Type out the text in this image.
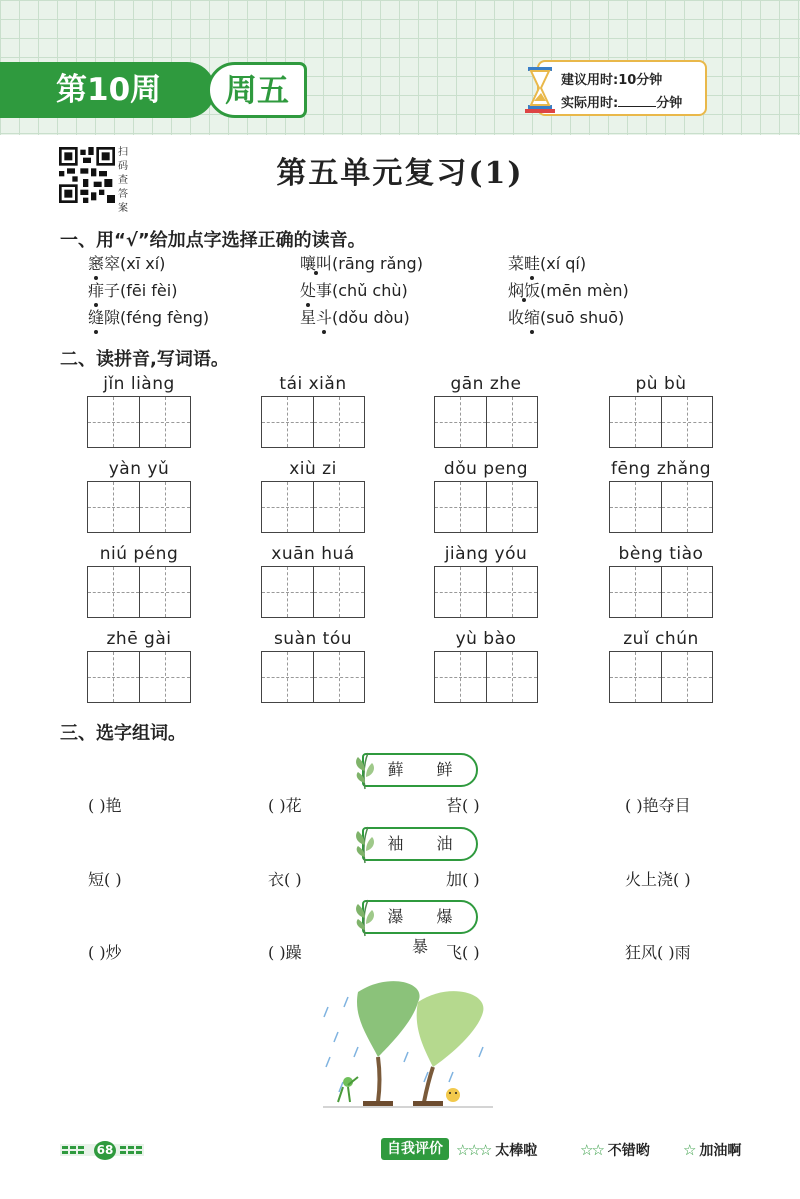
第10周	周五	建议用时:10分钟
实际用时:	分钟
扫码查答案
第五单元复习(1)
一、用“√”给加点字选择正确的读音。
窸窣(xī xí)	嚷叫(rāng rǎng)	菜畦(xí qí)
痱子(fēi fèi)	处事(chǔ chù)	焖饭(mēn mèn)
缝隙(féng fèng)	星斗(dǒu dòu)	收缩(suō shuō)
二、读拼音,写词语。
jǐn liàng	tái xiǎn	gān zhe	pù bù
yàn yǔ	xiù zi	dǒu peng	fēng zhǎng
niú péng	xuān huá	jiàng yóu	bèng tiào
zhē gài	suàn tóu	yù bào	zuǐ chún
三、选字组词。
藓 鲜
袖 油
瀑 爆 暴
( )艳	( )花	苔( )	( )艳夺目
短( )	衣( )	加( )	火上浇( )
( )炒	( )躁	飞( )	狂风( )雨
68	自我评价 ☆☆☆ 太棒啦	☆☆ 不错哟 ☆ 加油啊
